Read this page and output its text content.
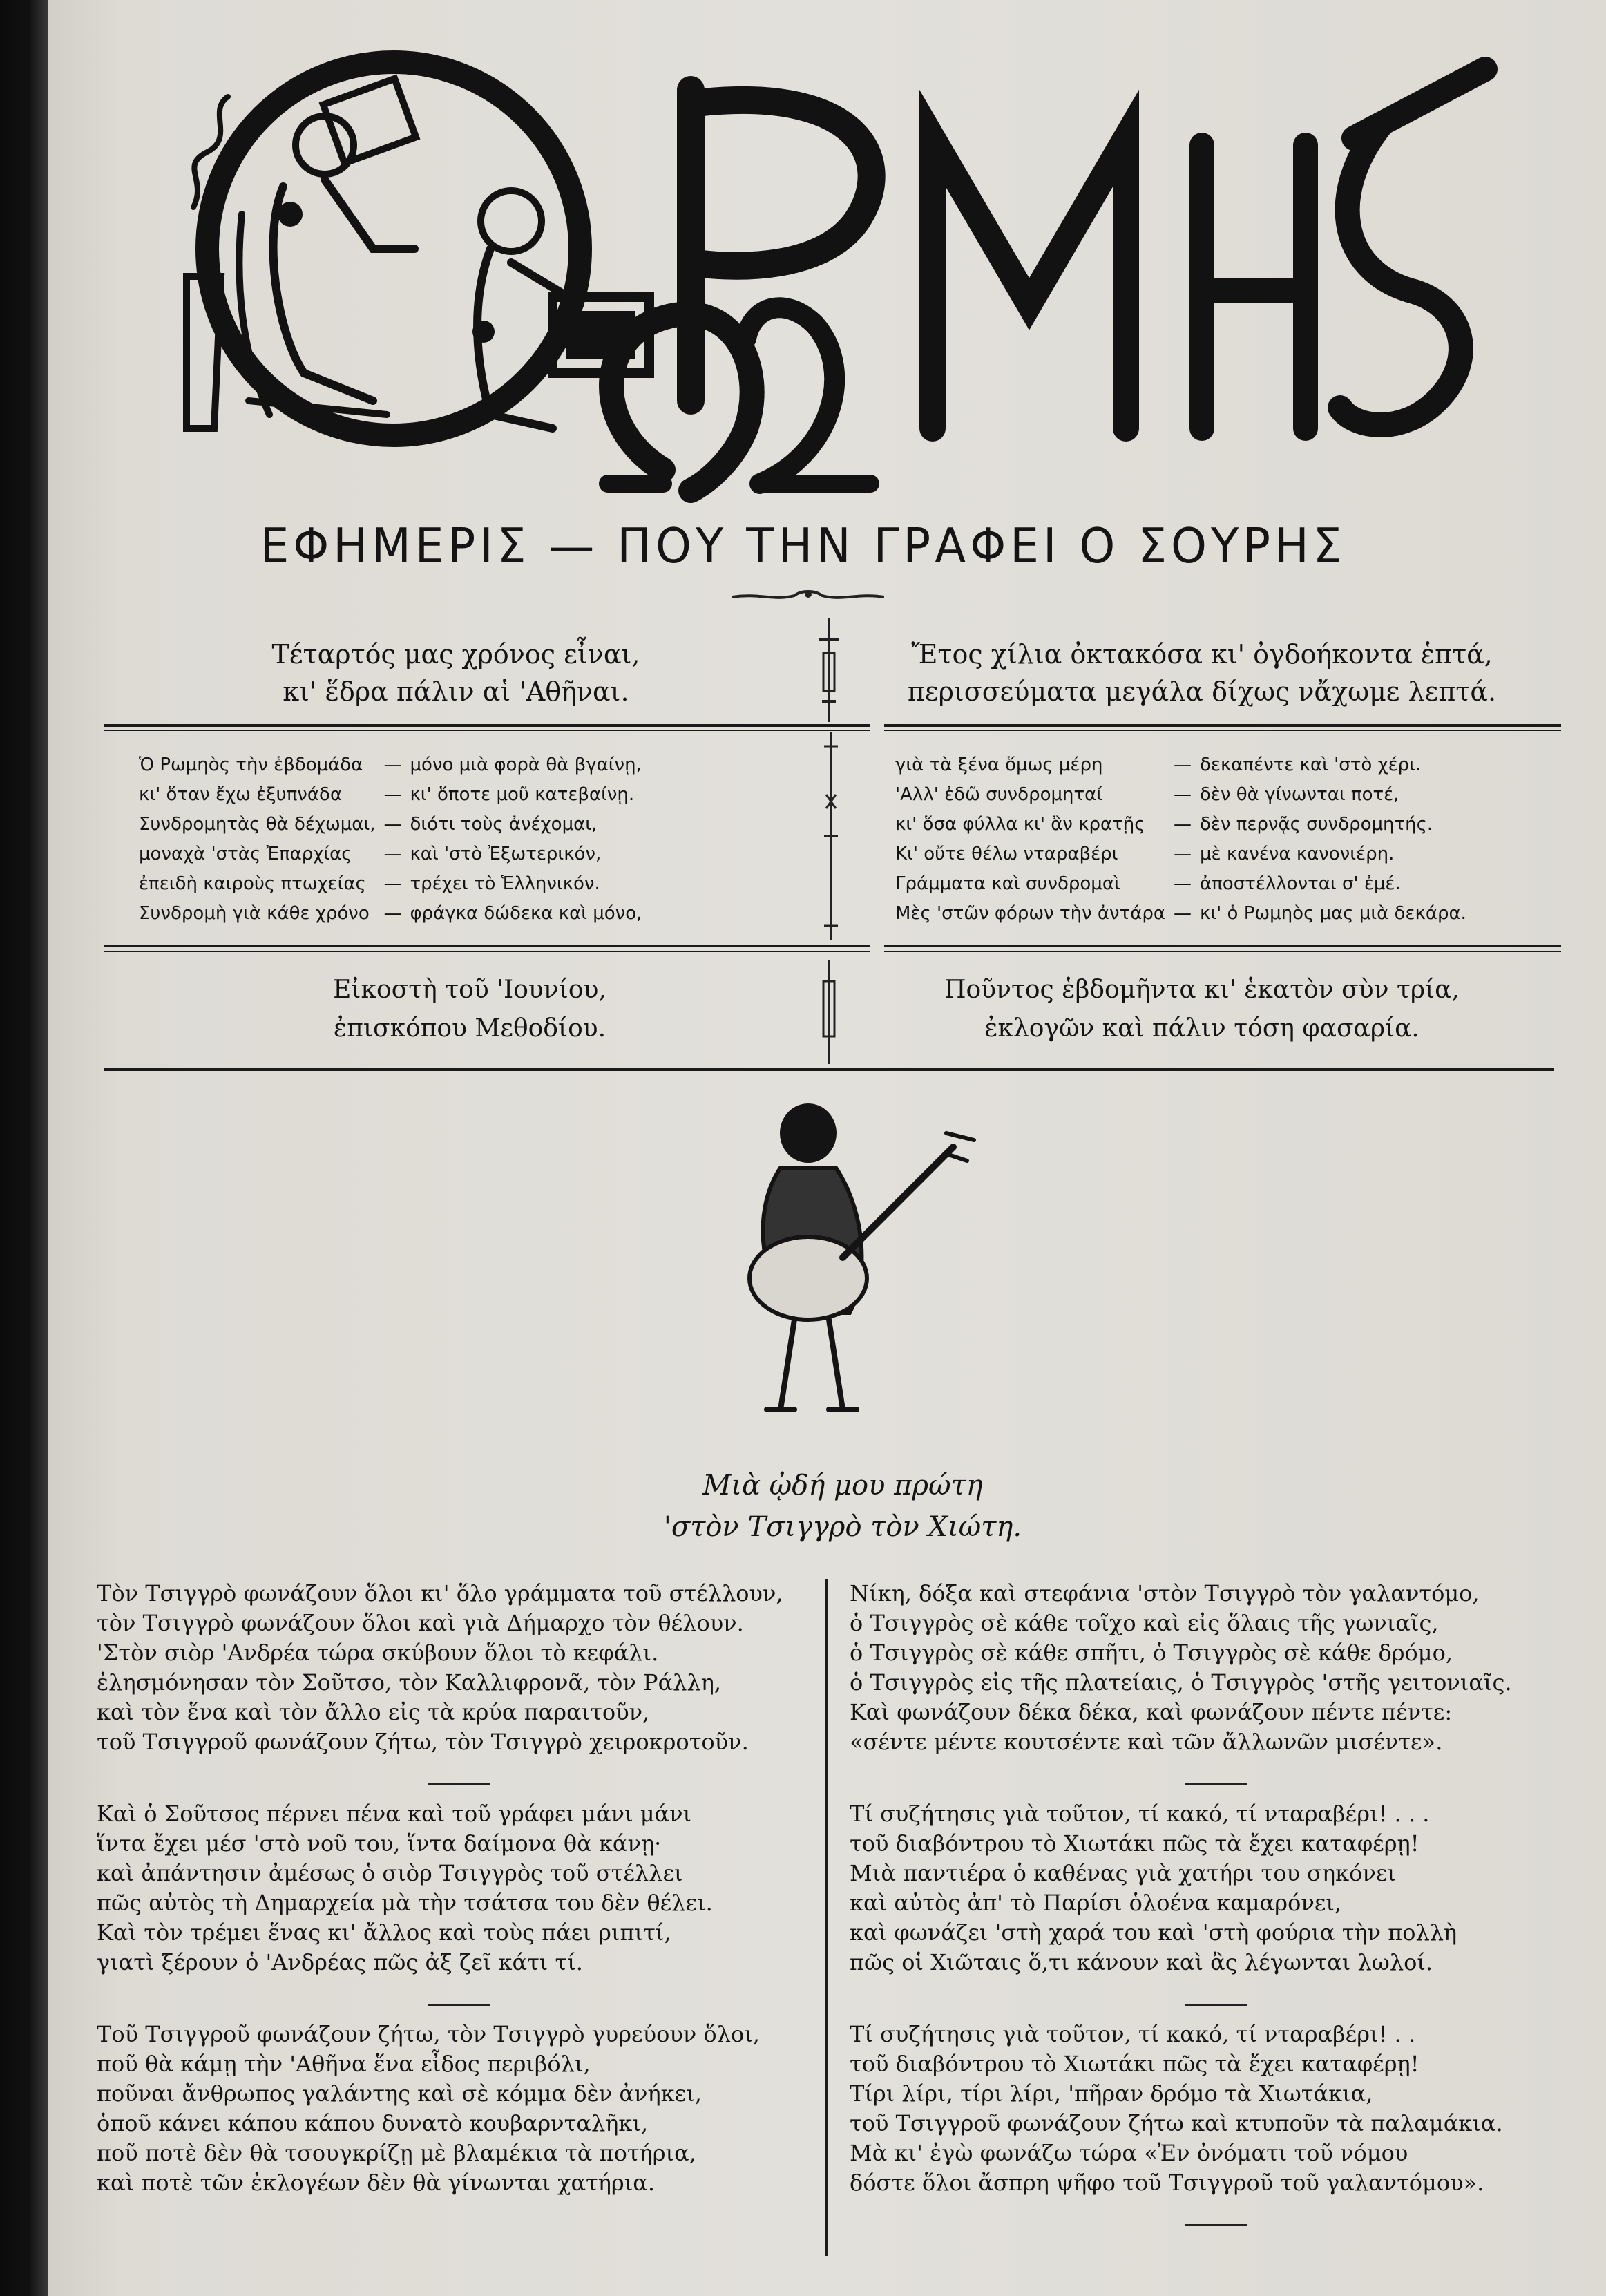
ΕΦΗΜΕΡΙΣ — ΠΟΥ ΤΗΝ ΓΡΑΦΕΙ Ο ΣΟΥΡΗΣ
Τέταρτός μας χρόνος εἶναι,
κι' ἕδρα πάλιν αἱ 'Αθῆναι.
Ἔτος χίλια ὀκτακόσα κι' ὀγδοήκοντα ἑπτά,
περισσεύματα μεγάλα δίχως νἄχωμε λεπτά.
Ὁ Ρωμηὸς τὴν ἑβδομάδα	—	μόνο μιὰ φορὰ θὰ βγαίνῃ,
κι' ὅταν ἔχω ἐξυπνάδα	—	κι' ὅποτε μοῦ κατεβαίνῃ.
Συνδρομητὰς θὰ δέχωμαι,	—	διότι τοὺς ἀνέχομαι,
μοναχὰ 'στὰς Ἐπαρχίας	—	καὶ 'στὸ Ἐξωτερικόν,
ἐπειδὴ καιροὺς πτωχείας	—	τρέχει τὸ Ἑλληνικόν.
Συνδρομὴ γιὰ κάθε χρόνο	—	φράγκα δώδεκα καὶ μόνο,
γιὰ τὰ ξένα ὅμως μέρη	—	δεκαπέντε καὶ 'στὸ χέρι.
'Αλλ' ἐδῶ συνδρομηταί	—	δὲν θὰ γίνωνται ποτέ,
κι' ὅσα φύλλα κι' ἂν κρατῇς	—	δὲν περνᾷς συνδρομητής.
Κι' οὔτε θέλω νταραβέρι	—	μὲ κανένα κανονιέρη.
Γράμματα καὶ συνδρομαὶ	—	ἀποστέλλονται σ' ἐμέ.
Μὲς 'στῶν φόρων τὴν ἀντάρα	—	κι' ὁ Ρωμηὸς μας μιὰ δεκάρα.
Εἰκοστὴ τοῦ 'Ιουνίου,
ἐπισκόπου Μεθοδίου.
Ποῦντος ἑβδομῆντα κι' ἑκατὸν σὺν τρία,
ἐκλογῶν καὶ πάλιν τόση φασαρία.
Μιὰ ᾠδή μου πρώτη
'στὸν Τσιγγρὸ τὸν Χιώτη.
Τὸν Τσιγγρὸ φωνάζουν ὅλοι κι' ὅλο γράμματα τοῦ στέλλουν,
τὸν Τσιγγρὸ φωνάζουν ὅλοι καὶ γιὰ Δήμαρχο τὸν θέλουν.
'Στὸν σιὸρ 'Ανδρέα τώρα σκύβουν ὅλοι τὸ κεφάλι.
ἐλησμόνησαν τὸν Σοῦτσο, τὸν Καλλιφρονᾶ, τὸν Ράλλη,
καὶ τὸν ἕνα καὶ τὸν ἄλλο εἰς τὰ κρύα παραιτοῦν,
τοῦ Τσιγγροῦ φωνάζουν ζήτω, τὸν Τσιγγρὸ χειροκροτοῦν.
Καὶ ὁ Σοῦτσος πέρνει πένα καὶ τοῦ γράφει μάνι μάνι
ἵντα ἔχει μέσ 'στὸ νοῦ του, ἵντα δαίμονα θὰ κάνῃ·
καὶ ἀπάντησιν ἀμέσως ὁ σιὸρ Τσιγγρὸς τοῦ στέλλει
πῶς αὐτὸς τὴ Δημαρχεία μὰ τὴν τσάτσα του δὲν θέλει.
Καὶ τὸν τρέμει ἕνας κι' ἄλλος καὶ τοὺς πάει ριπιτί,
γιατὶ ξέρουν ὁ 'Ανδρέας πῶς ἀξ ζεῖ κάτι τί.
Τοῦ Τσιγγροῦ φωνάζουν ζήτω, τὸν Τσιγγρὸ γυρεύουν ὅλοι,
ποῦ θὰ κάμῃ τὴν 'Αθῆνα ἕνα εἶδος περιβόλι,
ποῦναι ἄνθρωπος γαλάντης καὶ σὲ κόμμα δὲν ἀνήκει,
ὁποῦ κάνει κάπου κάπου δυνατὸ κουβαρνταλῆκι,
ποῦ ποτὲ δὲν θὰ τσουγκρίζῃ μὲ βλαμέκια τὰ ποτήρια,
καὶ ποτὲ τῶν ἐκλογέων δὲν θὰ γίνωνται χατήρια.
Νίκη, δόξα καὶ στεφάνια 'στὸν Τσιγγρὸ τὸν γαλαντόμο,
ὁ Τσιγγρὸς σὲ κάθε τοῖχο καὶ εἰς ὅλαις τῆς γωνιαῖς,
ὁ Τσιγγρὸς σὲ κάθε σπῆτι, ὁ Τσιγγρὸς σὲ κάθε δρόμο,
ὁ Τσιγγρὸς εἰς τῆς πλατείαις, ὁ Τσιγγρὸς 'στῆς γειτονιαῖς.
Καὶ φωνάζουν δέκα δέκα, καὶ φωνάζουν πέντε πέντε:
«σέντε μέντε κουτσέντε καὶ τῶν ἄλλωνῶν μισέντε».
Τί συζήτησις γιὰ τοῦτον, τί κακό, τί νταραβέρι! . . .
τοῦ διαβόντρου τὸ Χιωτάκι πῶς τὰ ἔχει καταφέρῃ!
Μιὰ παντιέρα ὁ καθένας γιὰ χατήρι του σηκόνει
καὶ αὐτὸς ἀπ' τὸ Παρίσι ὁλοένα καμαρόνει,
καὶ φωνάζει 'στὴ χαρά του καὶ 'στὴ φούρια τὴν πολλὴ
πῶς οἱ Χιῶταις ὅ,τι κάνουν καὶ ἂς λέγωνται λωλοί.
Τί συζήτησις γιὰ τοῦτον, τί κακό, τί νταραβέρι! . .
τοῦ διαβόντρου τὸ Χιωτάκι πῶς τὰ ἔχει καταφέρῃ!
Τίρι λίρι, τίρι λίρι, 'πῆραν δρόμο τὰ Χιωτάκια,
τοῦ Τσιγγροῦ φωνάζουν ζήτω καὶ κτυποῦν τὰ παλαμάκια.
Μὰ κι' ἐγὼ φωνάζω τώρα «Ἐν ὀνόματι τοῦ νόμου
δόστε ὅλοι ἄσπρη ψῆφο τοῦ Τσιγγροῦ τοῦ γαλαντόμου».
